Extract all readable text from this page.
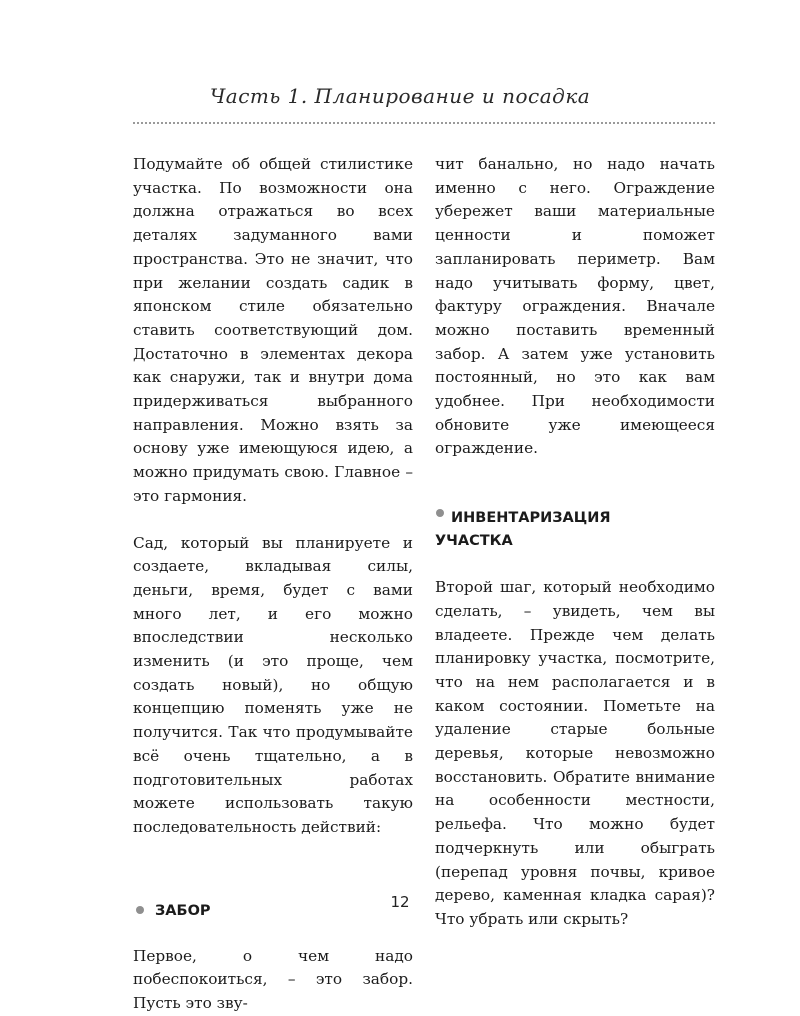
Часть 1. Планирование и посадка

Подумайте об общей стилистике участка. По возможности она должна отражаться во всех деталях задуманного вами пространства. Это не значит, что при желании создать садик в японском стиле обязательно ставить соответствующий дом. Достаточно в элементах декора как снаружи, так и внутри дома придерживаться выбранного направления. Можно взять за основу уже имеющуюся идею, а можно придумать свою. Главное – это гармония.

Сад, который вы планируете и создаете, вкладывая силы, деньги, время, будет с вами много лет, и его можно впоследствии несколько изменить (и это проще, чем создать новый), но общую концепцию поменять уже не получится. Так что продумывайте всё очень тщательно, а в подготовительных работах можете использовать такую последовательность действий:

ЗАБОР

Первое, о чем надо побеспокоиться, – это забор. Пусть это зву-

чит банально, но надо начать именно с него. Ограждение убережет ваши материальные ценности и поможет запланировать периметр. Вам надо учитывать форму, цвет, фактуру ограждения. Вначале можно поставить временный забор. А затем уже установить постоянный, но это как вам удобнее. При необходимости обновите уже имеющееся ограждение.

ИНВЕНТАРИЗАЦИЯ
УЧАСТКА

Второй шаг, который необходимо сделать, – увидеть, чем вы владеете. Прежде чем делать планировку участка, посмотрите, что на нем располагается и в каком состоянии. Пометьте на удаление старые больные деревья, которые невозможно восстановить. Обратите внимание на особенности местности, рельефа. Что можно будет подчеркнуть или обыграть (перепад уровня почвы, кривое дерево, каменная кладка сарая)? Что убрать или скрыть?

12
